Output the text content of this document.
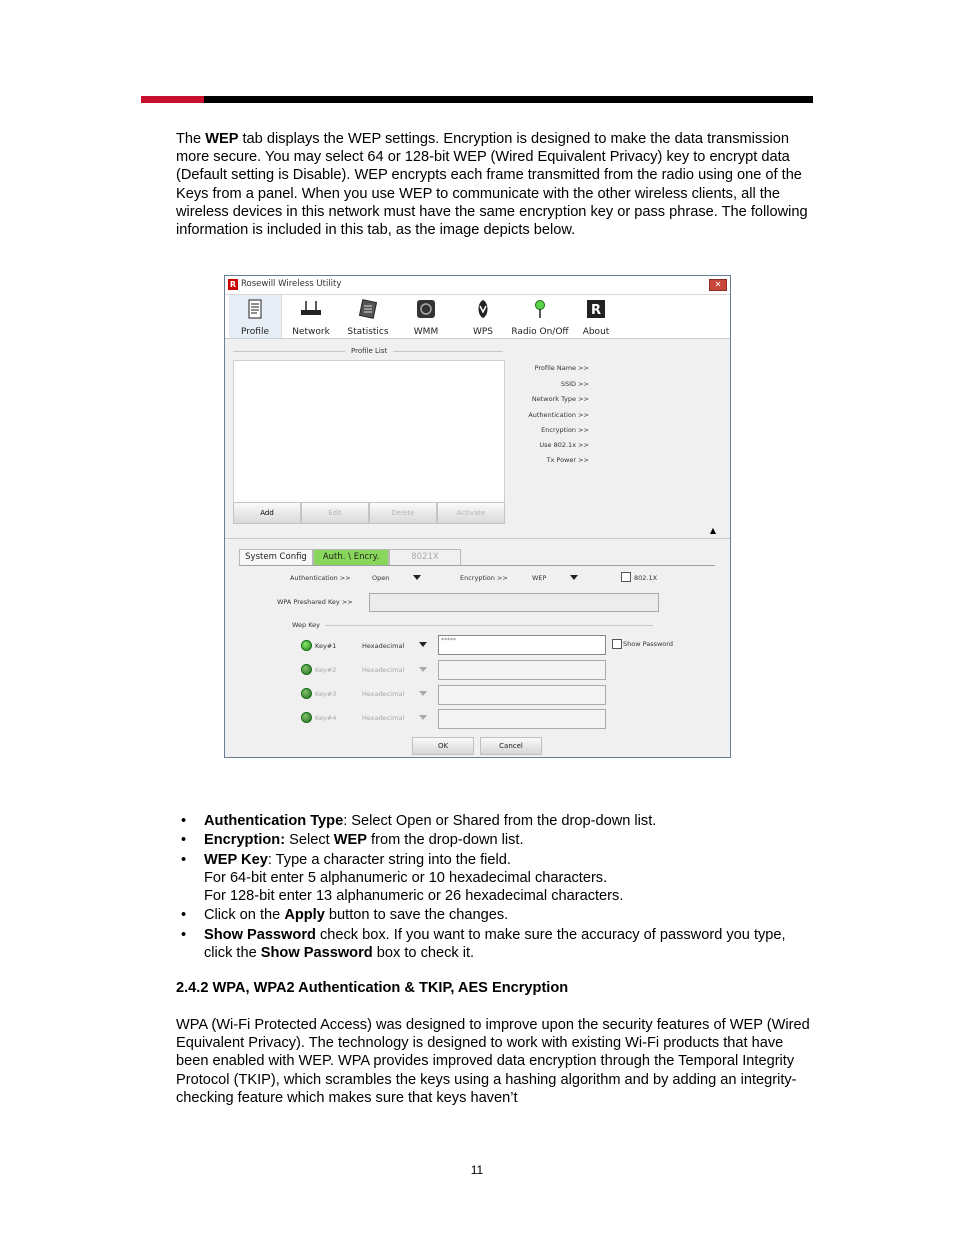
The WEP tab displays the WEP settings. Encryption is designed to make the data transmission more secure. You may select 64 or 128-bit WEP (Wired Equivalent Privacy) key to encrypt data (Default setting is Disable). WEP encrypts each frame transmitted from the radio using one of the Keys from a panel. When you use WEP to communicate with the other wireless clients, all the wireless devices in this network must have the same encryption key or pass phrase. The following information is included in this tab, as the image depicts below.
R Rosewill Wireless Utility	✕
Profile	Network	Statistics	WMM	WPS	Radio On/Off
R
About
Profile List
Add	Edit	Delete	Activate
Profile Name >>
SSID >>
Network Type >>
Authentication >>
Encryption >>
Use 802.1x >>
Tx Power >>
▲
System Config	Auth. \ Encry.	8021X
Authentication >>	Open	Encryption >>	WEP	802.1X
WPA Preshared Key >>
Wep Key
Key#1	Hexadecimal
*****	Show Password
Key#2	Hexadecimal
Key#3	Hexadecimal
Key#4	Hexadecimal
OK	Cancel
• Authentication Type: Select Open or Shared from the drop-down list.
• Encryption: Select WEP from the drop-down list.
• WEP Key: Type a character string into the field.
For 64-bit enter 5 alphanumeric or 10 hexadecimal characters.
For 128-bit enter 13 alphanumeric or 26 hexadecimal characters.
• Click on the Apply button to save the changes.
• Show Password check box. If you want to make sure the accuracy of password you type, click the Show Password box to check it.
2.4.2 WPA, WPA2 Authentication & TKIP, AES Encryption
WPA (Wi-Fi Protected Access) was designed to improve upon the security features of WEP (Wired Equivalent Privacy). The technology is designed to work with existing Wi-Fi products that have been enabled with WEP. WPA provides improved data encryption through the Temporal Integrity Protocol (TKIP), which scrambles the keys using a hashing algorithm and by adding an integrity-checking feature which makes sure that keys haven’t
11
